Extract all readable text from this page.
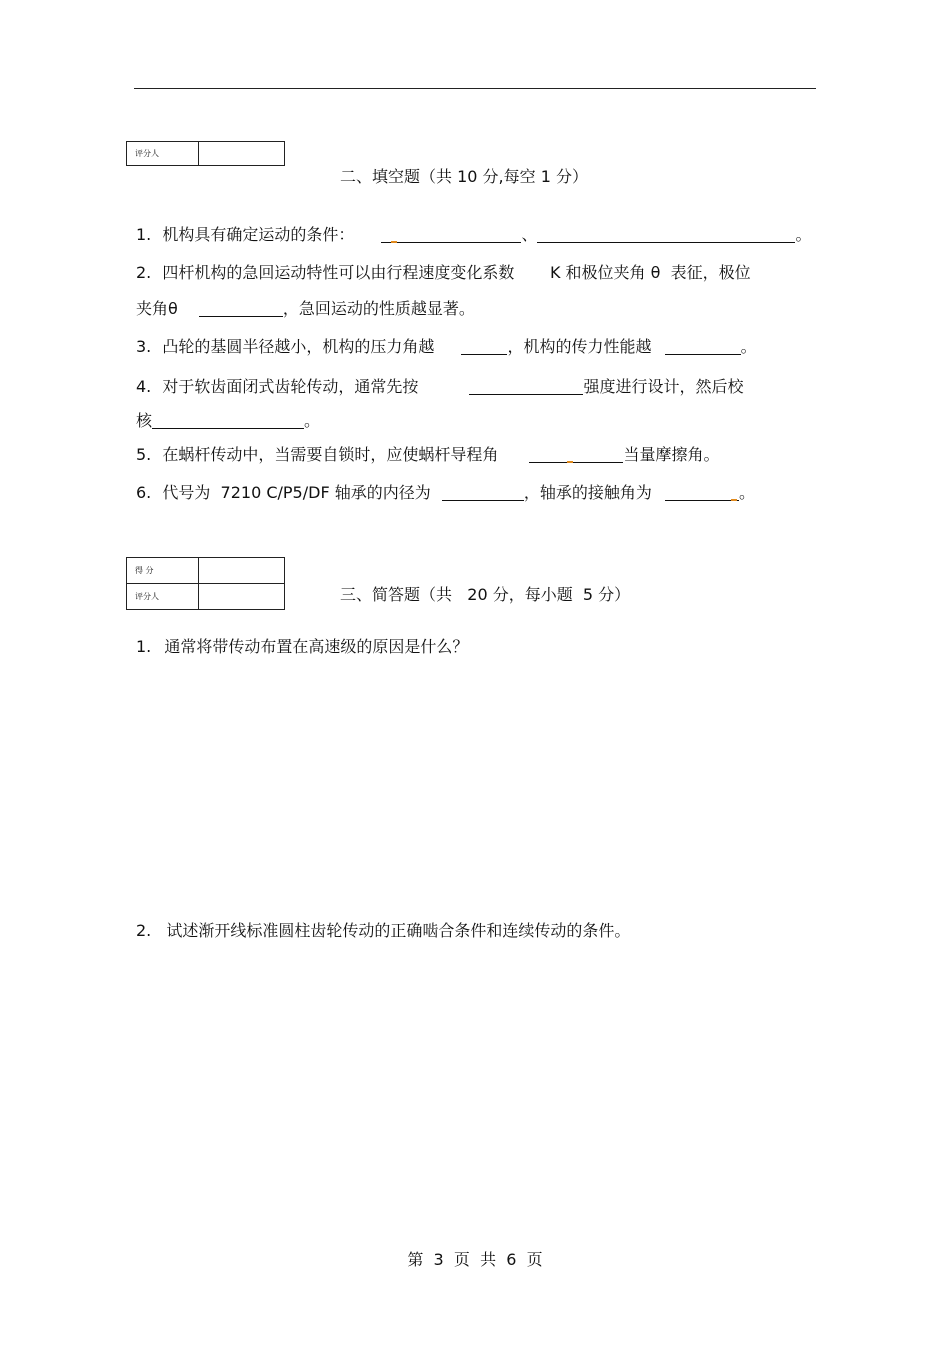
评分人	
二、填空题（共 10 分,每空 1 分）
1. 机构具有确定运动的条件：	、	。
2. 四杆机构的急回运动特性可以由行程速度变化系数       K 和极位夹角 θ  表征，极位
夹角θ	，急回运动的性质越显著。
3. 凸轮的基圆半径越小，机构的压力角越	，机构的传力性能越	。
4. 对于软齿面闭式齿轮传动，通常先按	强度进行设计，然后校
核	。
5. 在蜗杆传动中，当需要自锁时，应使蜗杆导程角	当量摩擦角。
6. 代号为  7210 C/P5/DF 轴承的内径为	，轴承的接触角为	。
得 分	
评分人		三、简答题（共   20 分，每小题  5 分）
1. 通常将带传动布置在高速级的原因是什么？
2. 试述渐开线标准圆柱齿轮传动的正确啮合条件和连续传动的条件。
第  3  页  共  6  页
